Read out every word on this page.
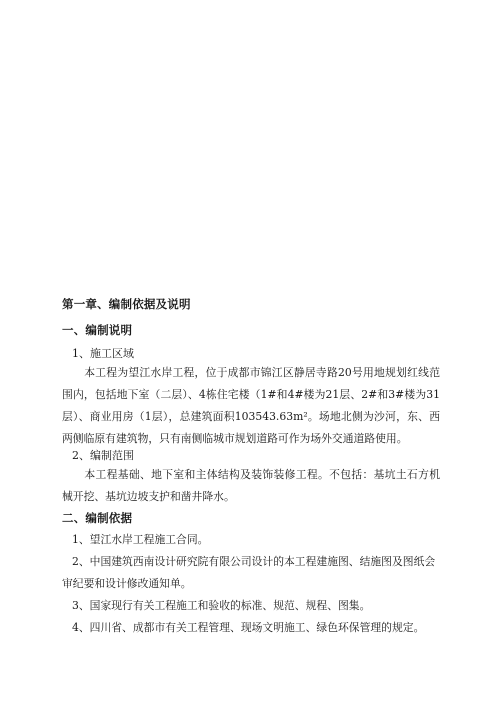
第一章、编制依据及说明
一、编制说明
1、施工区域
本工程为望江水岸工程，位于成都市锦江区静居寺路20号用地规划红线范围内，包括地下室（二层）、4栋住宅楼（1#和4#楼为21层、2#和3#楼为31层）、商业用房（1层），总建筑面积103543.63m²。场地北侧为沙河，东、西两侧临原有建筑物，只有南侧临城市规划道路可作为场外交通道路使用。
2、编制范围
本工程基础、地下室和主体结构及装饰装修工程。不包括：基坑土石方机械开挖、基坑边坡支护和凿井降水。
二、编制依据
1、望江水岸工程施工合同。
2、中国建筑西南设计研究院有限公司设计的本工程建施图、结施图及图纸会审纪要和设计修改通知单。
3、国家现行有关工程施工和验收的标准、规范、规程、图集。
4、四川省、成都市有关工程管理、现场文明施工、绿色环保管理的规定。
